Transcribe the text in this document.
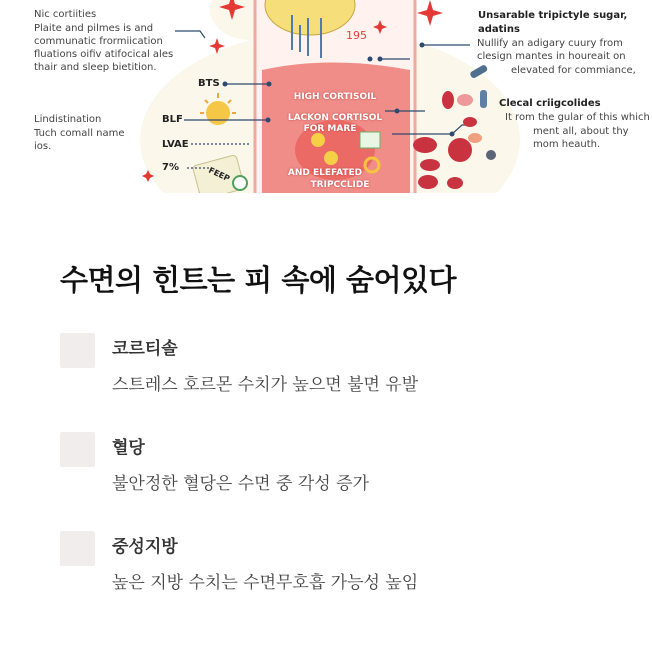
Nic cortiities
Plaite and pilmes is and
communatic frormiication
fluations oifiv atifocical ales
thair and sleep bietition.
Lindistination
Tuch comall name
ios.
BTS
BLF
LVAE
7%	FEEP
195
HIGH CORTISOIL
LACKON CORTISOL
FOR MARE
AND ELEFATED
TRIPCCLIDE
Unsarable tripictyle sugar,
adatins
Nullify an adigary cuury from
clesign mantes in houreait on
elevated for commiance,
Clecal criigcolides
It rom the gular of this which
ment all, about thy
mom heauth.
수면의 힌트는 피 속에 숨어있다
코르티솔
스트레스 호르몬 수치가 높으면 불면 유발
혈당
불안정한 혈당은 수면 중 각성 증가
중성지방
높은 지방 수치는 수면무호흡 가능성 높임
